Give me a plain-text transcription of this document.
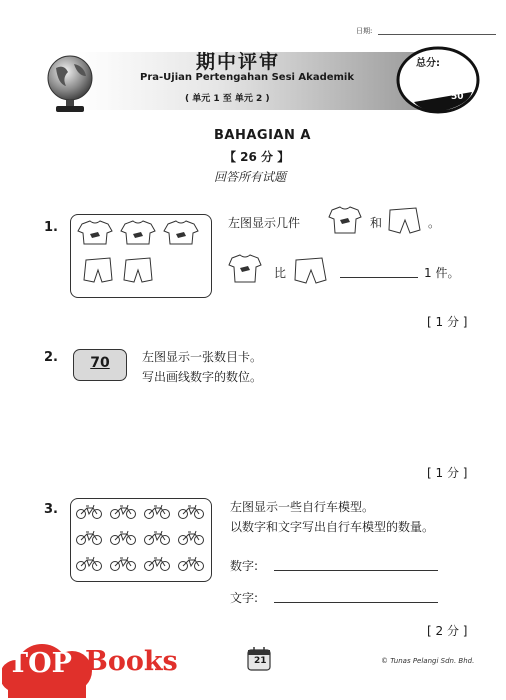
日期:
期中评审
Pra-Ujian Pertengahan Sesi Akademik
( 单元 1 至 单元 2 )
总分:
50
BAHAGIAN A
【 26 分 】
回答所有试题
1.	左图显示几件	和	。
比	1 件。
[ 1 分 ]
2.	70	左图显示一张数目卡。
写出画线数字的数位。
[ 1 分 ]
3.	左图显示一些自行车模型。
以数字和文字写出自行车模型的数量。
数字:
文字:
[ 2 分 ]
21	© Tunas Pelangi Sdn. Bhd.
TOP Books
